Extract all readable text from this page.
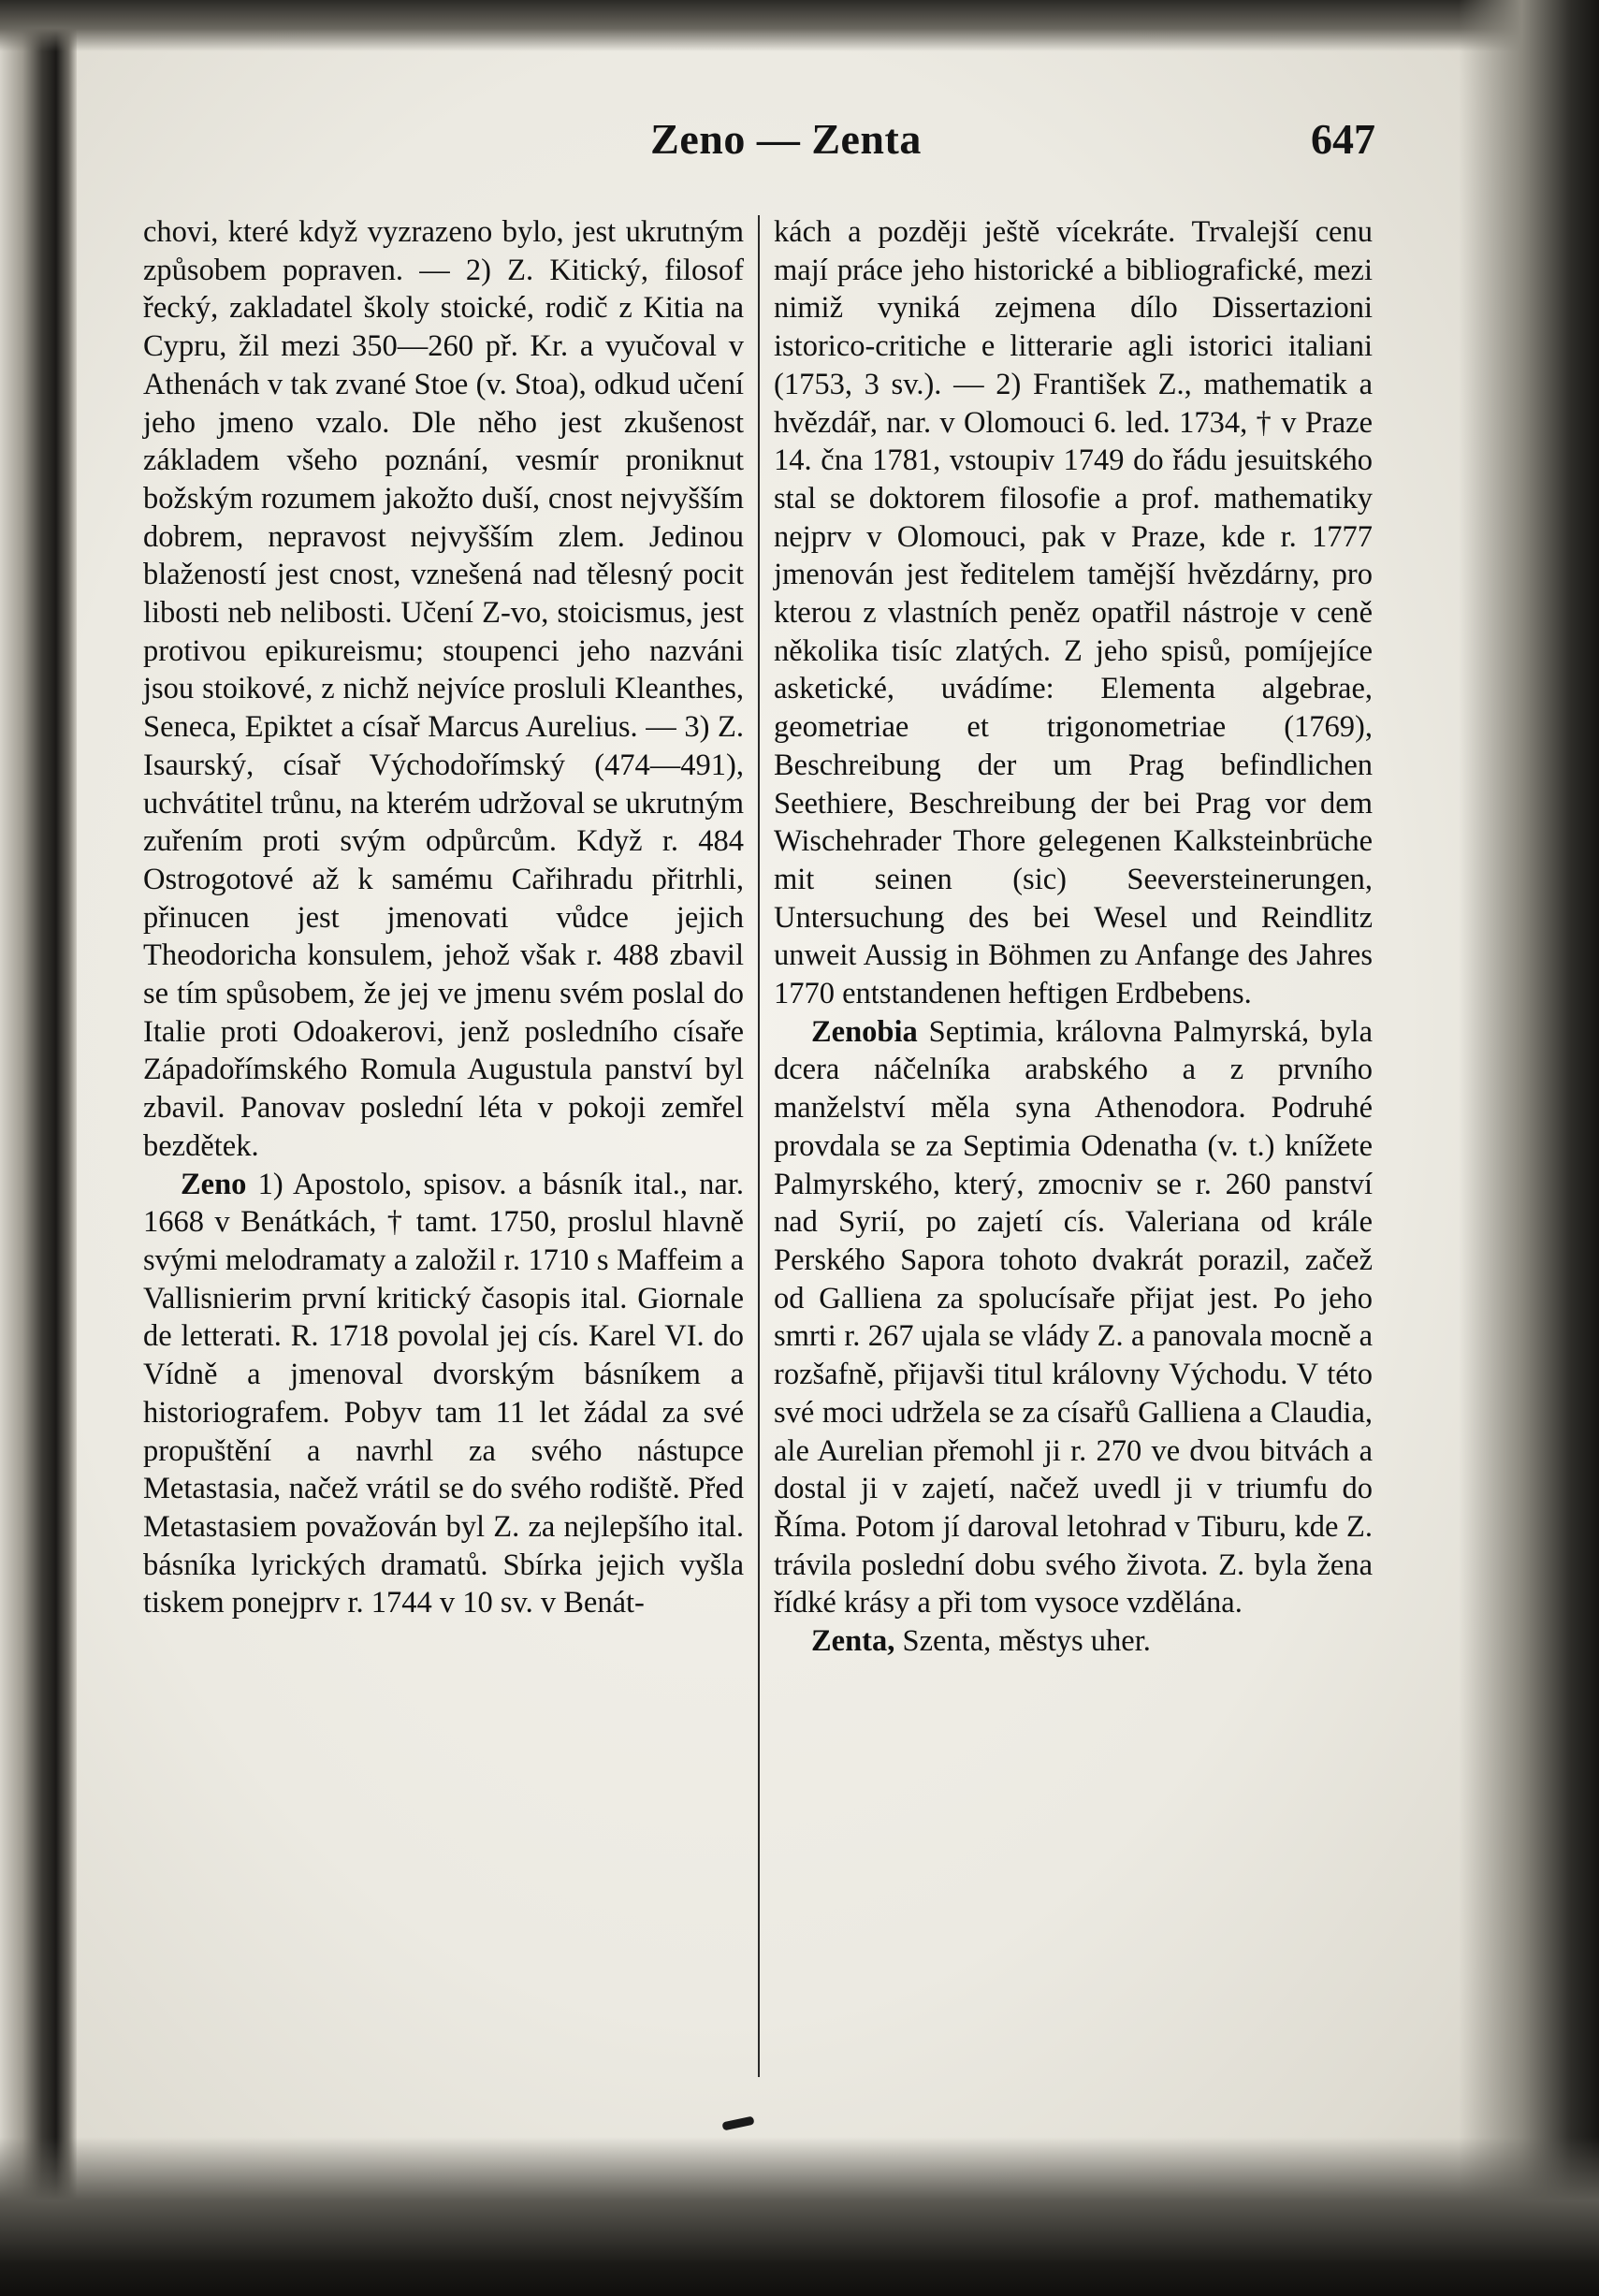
Zeno — Zenta	647

chovi, které když vyzrazeno bylo, jest ukrutným způsobem popraven. — 2) Z. Kitický, filosof řecký, zakladatel školy stoické, rodič z Kitia na Cypru, žil mezi 350—260 př. Kr. a vyučoval v Athenách v tak zvané Stoe (v. Stoa), odkud učení jeho jmeno vzalo. Dle něho jest zkušenost základem všeho poznání, vesmír proniknut božským rozumem jakožto duší, cnost nejvyšším dobrem, nepravost nejvyšším zlem. Jedinou blažeností jest cnost, vznešená nad tělesný pocit libosti neb nelibosti. Učení Z-vo, stoicismus, jest protivou epikureismu; stoupenci jeho nazváni jsou stoikové, z nichž nejvíce prosluli Kleanthes, Seneca, Epiktet a císař Marcus Aurelius. — 3) Z. Isaurský, císař Východořímský (474—491), uchvátitel trůnu, na kterém udržoval se ukrutným zuřením proti svým odpůrcům. Když r. 484 Ostrogotové až k samému Cařihradu přitrhli, přinucen jest jmenovati vůdce jejich Theodoricha konsulem, jehož však r. 488 zbavil se tím spůsobem, že jej ve jmenu svém poslal do Italie proti Odoakerovi, jenž posledního císaře Západořímského Romula Augustula panství byl zbavil. Panovav poslední léta v pokoji zemřel bezdětek.

Zeno 1) Apostolo, spisov. a básník ital., nar. 1668 v Benátkách, † tamt. 1750, proslul hlavně svými melodramaty a založil r. 1710 s Maffeim a Vallisnierim první kritický časopis ital. Giornale de letterati. R. 1718 povolal jej cís. Karel VI. do Vídně a jmenoval dvorským básníkem a historiografem. Pobyv tam 11 let žádal za své propuštění a navrhl za svého nástupce Metastasia, načež vrátil se do svého rodiště. Před Metastasiem považován byl Z. za nejlepšího ital. básníka lyrických dramatů. Sbírka jejich vyšla tiskem ponejprv r. 1744 v 10 sv. v Benát-

kách a později ještě vícekráte. Trvalejší cenu mají práce jeho historické a bibliografické, mezi nimiž vyniká zejmena dílo Dissertazioni istorico-critiche e litterarie agli istorici italiani (1753, 3 sv.). — 2) František Z., mathematik a hvězdář, nar. v Olomouci 6. led. 1734, † v Praze 14. čna 1781, vstoupiv 1749 do řádu jesuitského stal se doktorem filosofie a prof. mathematiky nejprv v Olomouci, pak v Praze, kde r. 1777 jmenován jest ředitelem tamější hvězdárny, pro kterou z vlastních peněz opatřil nástroje v ceně několika tisíc zlatých. Z jeho spisů, pomíjejíce asketické, uvádíme: Elementa algebrae, geometriae et trigonometriae (1769), Beschreibung der um Prag befindlichen Seethiere, Beschreibung der bei Prag vor dem Wischehrader Thore gelegenen Kalksteinbrüche mit seinen (sic) Seeversteinerungen, Untersuchung des bei Wesel und Reindlitz unweit Aussig in Böhmen zu Anfange des Jahres 1770 entstandenen heftigen Erdbebens.

Zenobia Septimia, královna Palmyrská, byla dcera náčelníka arabského a z prvního manželství měla syna Athenodora. Podruhé provdala se za Septimia Odenatha (v. t.) knížete Palmyrského, který, zmocniv se r. 260 panství nad Syrií, po zajetí cís. Valeriana od krále Perského Sapora tohoto dvakrát porazil, začež od Galliena za spolucísaře přijat jest. Po jeho smrti r. 267 ujala se vlády Z. a panovala mocně a rozšafně, přijavši titul královny Východu. V této své moci udržela se za císařů Galliena a Claudia, ale Aurelian přemohl ji r. 270 ve dvou bitvách a dostal ji v zajetí, načež uvedl ji v triumfu do Říma. Potom jí daroval letohrad v Tiburu, kde Z. trávila poslední dobu svého života. Z. byla žena řídké krásy a při tom vysoce vzdělána.

Zenta, Szenta, městys uher.
